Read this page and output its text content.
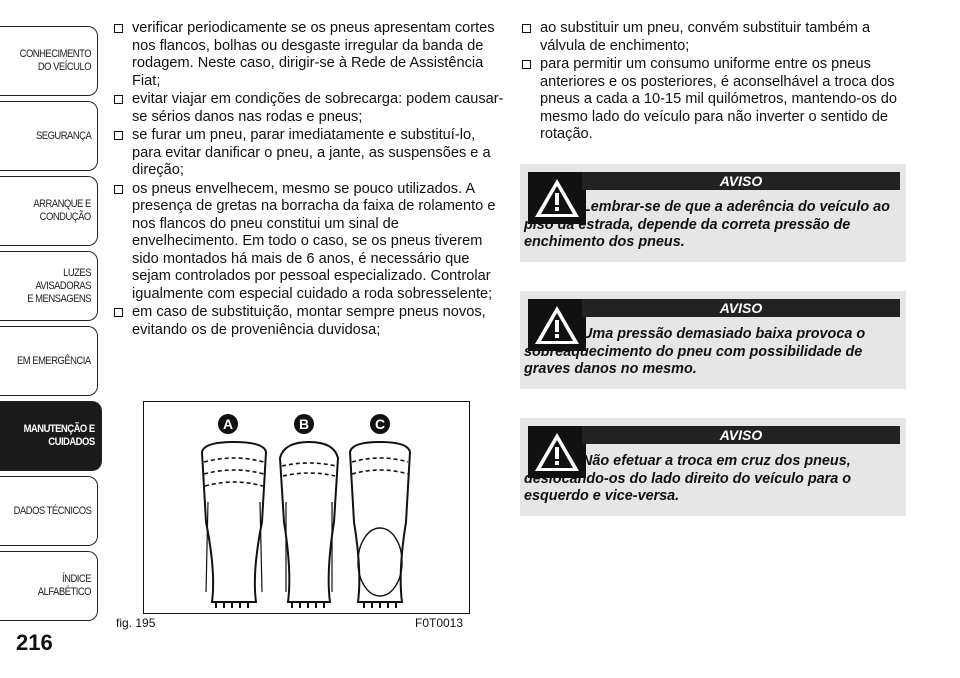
CONHECIMENTO
DO VEÍCULO
SEGURANÇA
ARRANQUE E
CONDUÇÃO
LUZES AVISADORAS
E MENSAGENS
EM EMERGÊNCIA
MANUTENÇÃO E
CUIDADOS
DADOS TÉCNICOS
ÍNDICE ALFABÉTICO
216
verificar periodicamente se os pneus apresentam cortes nos flancos, bolhas ou desgaste irregular da banda de rodagem. Neste caso, dirigir-se à Rede de Assistência Fiat;
evitar viajar em condições de sobrecarga: podem causar-se sérios danos nas rodas e pneus;
se furar um pneu, parar imediatamente e substituí-lo, para evitar danificar o pneu, a jante, as suspensões e a direção;
os pneus envelhecem, mesmo se pouco utilizados. A presença de gretas na borracha da faixa de rolamento e nos flancos do pneu constitui um sinal de envelhecimento. Em todo o caso, se os pneus tiverem sido montados há mais de 6 anos, é necessário que sejam controlados por pessoal especializado. Controlar igualmente com especial cuidado a roda sobresselente;
em caso de substituição, montar sempre pneus novos, evitando os de proveniência duvidosa;
ao substituir um pneu, convém substituir também a válvula de enchimento;
para permitir um consumo uniforme entre os pneus anteriores e os posteriores, é aconselhável a troca dos pneus a cada a 10-15 mil quilómetros, mantendo-os do mesmo lado do veículo para não inverter o sentido de rotação.
AVISO
Lembrar-se de que a aderência do veículo ao piso da estrada, depende da correta pressão de enchimento dos pneus.
AVISO
Uma pressão demasiado baixa provoca o sobreaquecimento do pneu com possibilidade de graves danos no mesmo.
AVISO
Não efetuar a troca em cruz dos pneus, deslocando-os do lado direito do veículo para o esquerdo e vice-versa.
A	B	C
fig. 195	F0T0013
